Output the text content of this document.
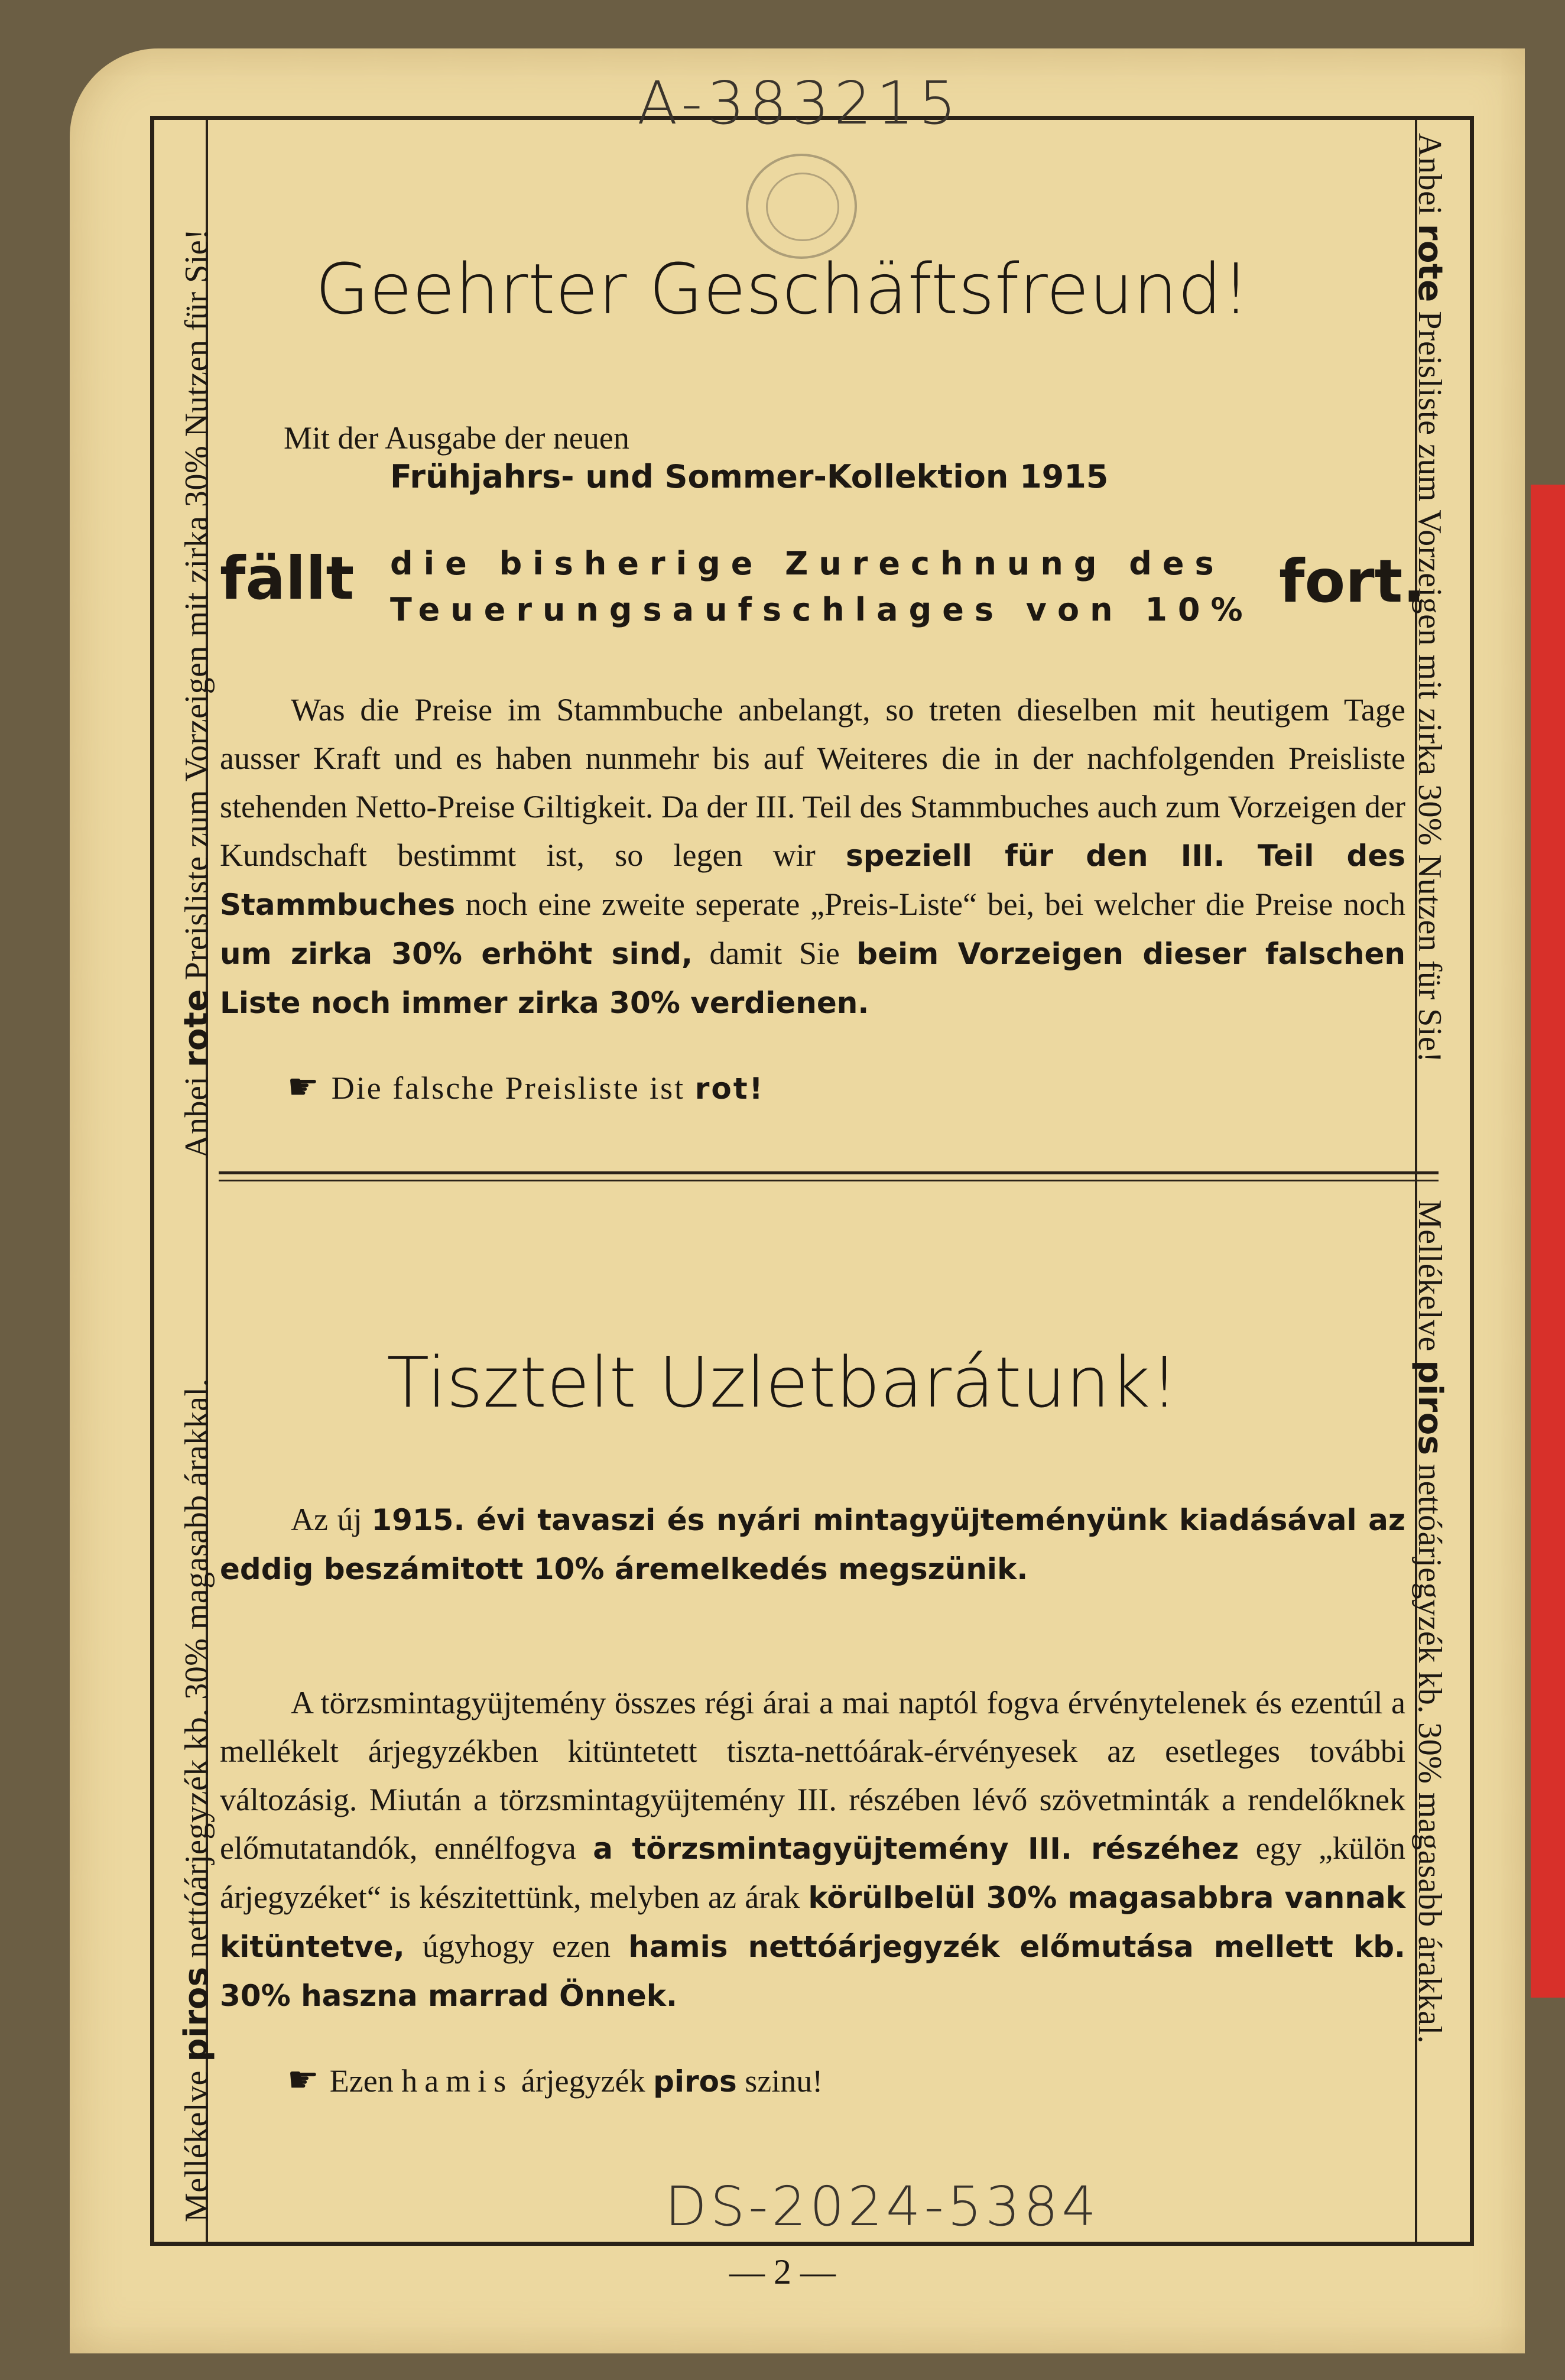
A-383215
Anbei rote Preisliste zum Vorzeigen mit zirka 30% Nutzen für Sie!
Mellékelve piros nettóárjegyzék kb. 30% magasabb árakkal.
Anbei rote Preisliste zum Vorzeigen mit zirka 30% Nutzen für Sie!
Mellékelve piros nettóárjegyzék kb. 30% magasabb árakkal.
Geehrter Geschäftsfreund!
Mit der Ausgabe der neuen
Frühjahrs- und Sommer-Kollektion 1915
fällt die bisherige Zurechnung des
Teuerungsaufschlages von 10% fort.
Was die Preise im Stammbuche anbelangt, so treten dieselben mit heutigem Tage ausser Kraft und es haben nunmehr bis auf Weiteres die in der nachfolgenden Preisliste stehenden Netto-Preise Giltigkeit. Da der III. Teil des Stammbuches auch zum Vorzeigen der Kundschaft bestimmt ist, so legen wir speziell für den III. Teil des Stammbuches noch eine zweite seperate „Preis-Liste“ bei, bei welcher die Preise noch um zirka 30% erhöht sind, damit Sie beim Vorzeigen dieser falschen Liste noch immer zirka 30% verdienen.
☛ Die falsche Preisliste ist rot!
Tisztelt Uzletbarátunk!
Az új 1915. évi tavaszi és nyári mintagyüjteményünk kiadásával az eddig beszámitott 10% áremelkedés megszünik.
A törzsmintagyüjtemény összes régi árai a mai naptól fogva érvénytelenek és ezentúl a mellékelt árjegyzékben kitüntetett tiszta-nettóárak-érvényesek az esetleges további változásig. Miután a törzsmintagyüjtemény III. részében lévő szövetminták a rendelőknek előmutatandók, ennélfogva a törzsmintagyüjtemény III. részéhez egy „külön árjegyzéket“ is készitettünk, melyben az árak körülbelül 30% magasabbra vannak kitüntetve, úgyhogy ezen hamis nettóárjegyzék előmutása mellett kb. 30% haszna marrad Önnek.
☛ Ezen hamis árjegyzék piros szinu!
DS-2024-5384
— 2 —
